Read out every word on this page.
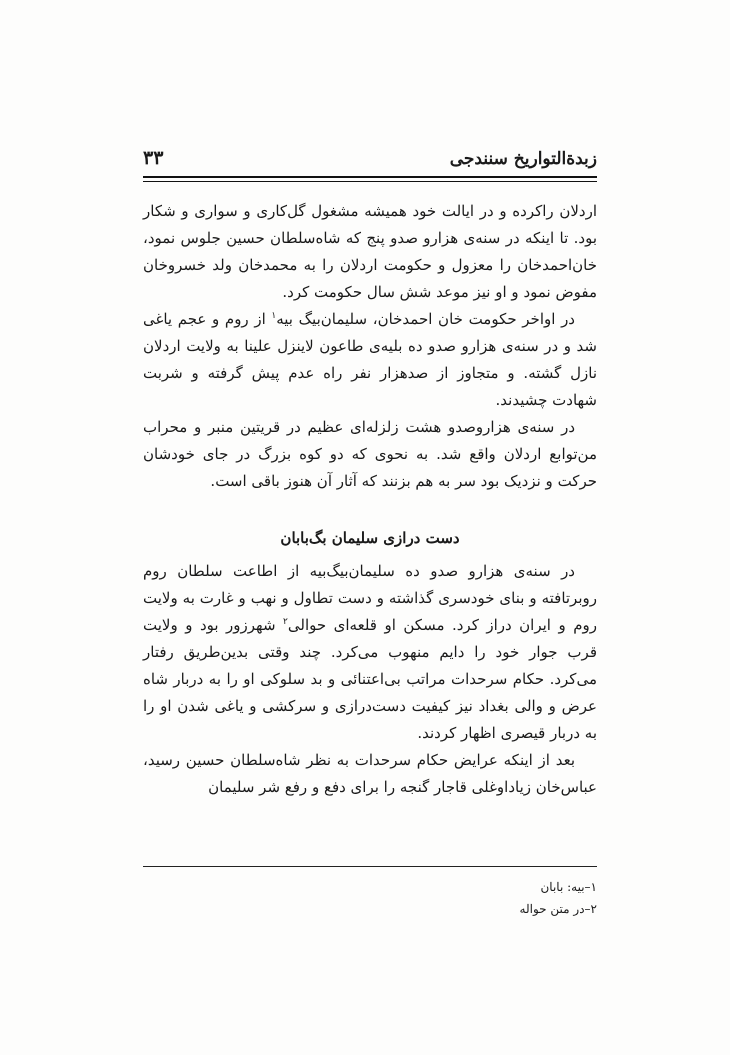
زبدةالتواریخ سنندجی
۳۳

اردلان راکرده و در ایالت خود همیشه مشغول گل‌کاری و سواری و شکار بود. تا اینکه در سنه‌ی هزارو صدو پنج که شاه‌سلطان حسین جلوس نمود، خان‌احمدخان را معزول و حکومت اردلان را به محمدخان ولد خسروخان مفوض نمود و او نیز موعد شش سال حکومت کرد.

در اواخر حکومت خان احمدخان، سلیمان‌بیگ بیه$^۱$ از روم و عجم یاغی شد و در سنه‌ی هزارو صدو ده بلیه‌ی طاعون لاینزل علینا به ولایت اردلان نازل گشته. و متجاوز از صدهزار نفر راه عدم پیش گرفته و شربت شهادت چشیدند.

در سنه‌ی هزاروصدو هشت زلزله‌ای عظیم در قریتین منبر و محراب من‌توابع اردلان واقع شد. به نحوی که دو کوه بزرگ در جای خودشان حرکت و نزدیک بود سر به هم بزنند که آثار آن هنوز باقی است.

دست درازی سلیمان بگ‌بابان

در سنه‌ی هزارو صدو ده سلیمان‌بیگ‌بیه از اطاعت سلطان روم روبرتافته و بنای خودسری گذاشته و دست تطاول و نهب و غارت به ولایت روم و ایران دراز کرد. مسکن او قلعه‌ای حوالی$^۲$ شهرزور بود و ولایت قرب جوار خود را دایم منهوب می‌کرد. چند وقتی بدین‌طریق رفتار می‌کرد. حکام سرحدات مراتب بی‌اعتنائی و بد سلوکی او را به دربار شاه عرض و والی بغداد نیز کیفیت دست‌درازی و سرکشی و یاغی شدن او را به دربار قیصری اظهار کردند.

بعد از اینکه عرایض حکام سرحدات به نظر شاه‌سلطان حسین رسید، عباس‌خان زیاداوغلی قاجار گنجه را برای دفع و رفع شر سلیمان

۱–بیه: بابان

۲–در متن حواله
